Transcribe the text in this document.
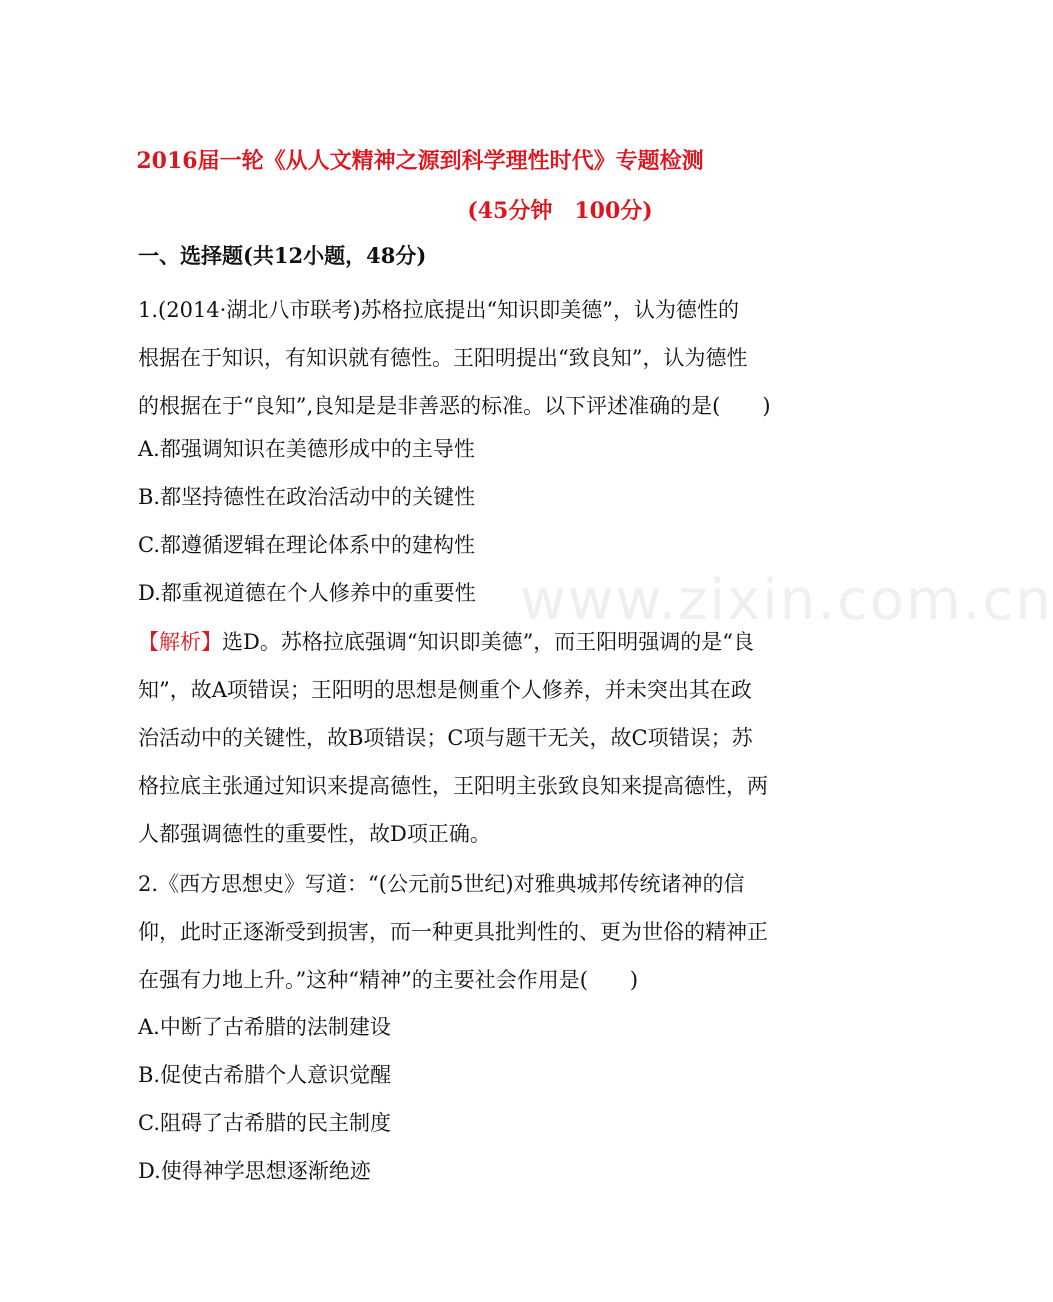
2016届一轮《从人文精神之源到科学理性时代》专题检测
(45分钟　100分)
一、选择题(共12小题，48分)
1.(2014·湖北八市联考)苏格拉底提出“知识即美德”，认为德性的
根据在于知识，有知识就有德性。王阳明提出“致良知”，认为德性
的根据在于“良知”,良知是是非善恶的标准。以下评述准确的是(　　)
A.都强调知识在美德形成中的主导性
B.都坚持德性在政治活动中的关键性
C.都遵循逻辑在理论体系中的建构性
D.都重视道德在个人修养中的重要性
【解析】选D。苏格拉底强调“知识即美德”，而王阳明强调的是“良
知”，故A项错误；王阳明的思想是侧重个人修养，并未突出其在政
治活动中的关键性，故B项错误；C项与题干无关，故C项错误；苏
格拉底主张通过知识来提高德性，王阳明主张致良知来提高德性，两
人都强调德性的重要性，故D项正确。
2.《西方思想史》写道：“(公元前5世纪)对雅典城邦传统诸神的信
仰，此时正逐渐受到损害，而一种更具批判性的、更为世俗的精神正
在强有力地上升。”这种“精神”的主要社会作用是(　　)
A.中断了古希腊的法制建设
B.促使古希腊个人意识觉醒
C.阻碍了古希腊的民主制度
D.使得神学思想逐渐绝迹
www.zixin.com.cn
